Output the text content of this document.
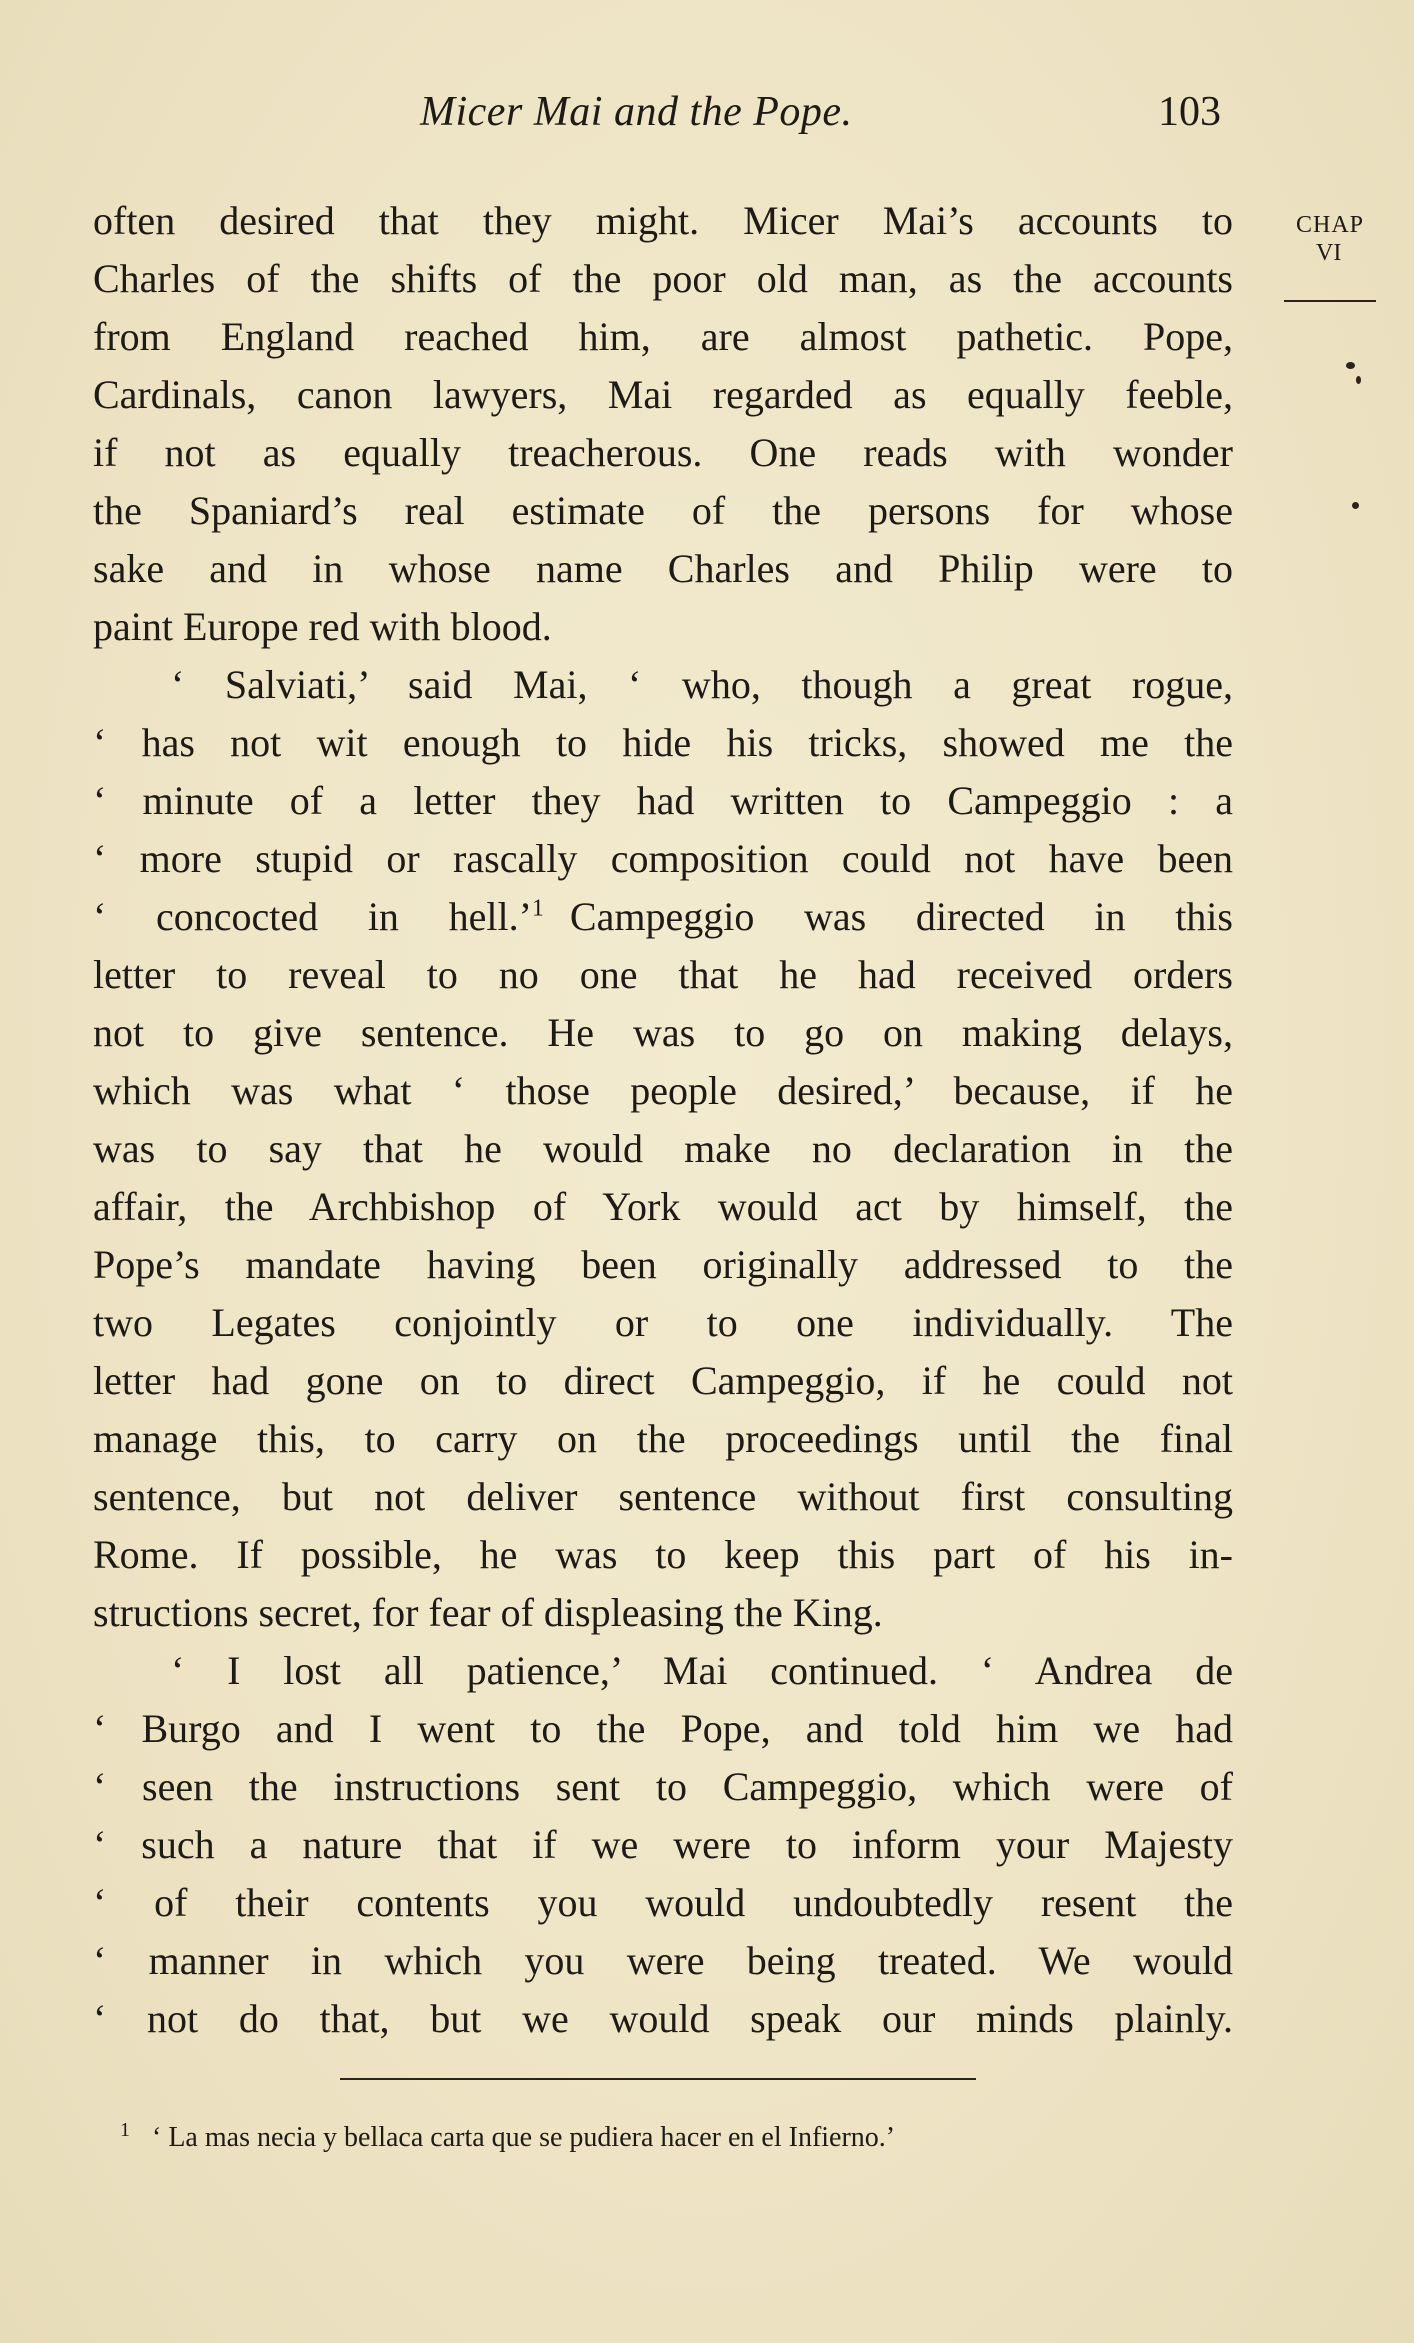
Micer Mai and the Pope.	103
CHAP
VI
often desired that they might. Micer Mai’s accounts to
Charles of the shifts of the poor old man, as the accounts
from England reached him, are almost pathetic. Pope,
Cardinals, canon lawyers, Mai regarded as equally feeble,
if not as equally treacherous. One reads with wonder
the Spaniard’s real estimate of the persons for whose
sake and in whose name Charles and Philip were to
paint Europe red with blood.
‘ Salviati,’ said Mai, ‘ who, though a great rogue,
‘ has not wit enough to hide his tricks, showed me the
‘ minute of a letter they had written to Campeggio : a
‘ more stupid or rascally composition could not have been
‘ concocted in hell.’$^1$ Campeggio was directed in this
letter to reveal to no one that he had received orders
not to give sentence. He was to go on making delays,
which was what ‘ those people desired,’ because, if he
was to say that he would make no declaration in the
affair, the Archbishop of York would act by himself, the
Pope’s mandate having been originally addressed to the
two Legates conjointly or to one individually. The
letter had gone on to direct Campeggio, if he could not
manage this, to carry on the proceedings until the final
sentence, but not deliver sentence without first consulting
Rome. If possible, he was to keep this part of his in-
structions secret, for fear of displeasing the King.
‘ I lost all patience,’ Mai continued. ‘ Andrea de
‘ Burgo and I went to the Pope, and told him we had
‘ seen the instructions sent to Campeggio, which were of
‘ such a nature that if we were to inform your Majesty
‘ of their contents you would undoubtedly resent the
‘ manner in which you were being treated. We would
‘ not do that, but we would speak our minds plainly.
$^1$ ‘ La mas necia y bellaca carta que se pudiera hacer en el Infierno.’
